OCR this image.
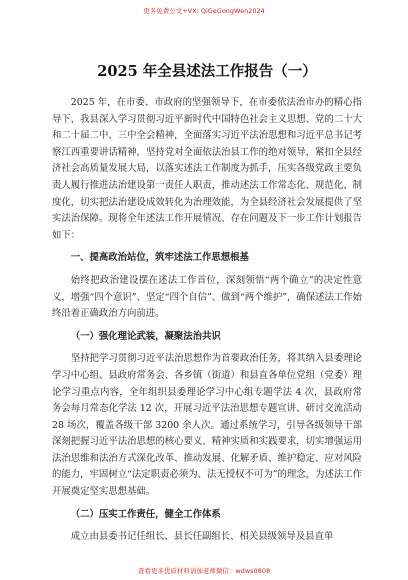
更多免费公文+VX: QiGeGongWen2024
2025 年全县述法工作报告（一）

2025 年，在市委、市政府的坚强领导下，在市委依法治市办的精心指导下，我县深入学习贯彻习近平新时代中国特色社会主义思想、党的二十大和二十届二中、三中全会精神，全面落实习近平法治思想和习近平总书记考察江西重要讲话精神，坚持党对全面依法治县工作的绝对领导，紧扣全县经济社会高质量发展大局，以落实述法工作制度为抓手，压实各级党政主要负责人履行推进法治建设第一责任人职责，推动述法工作常态化、规范化、制度化，切实把法治建设成效转化为治理效能，为全县经济社会发展提供了坚实法治保障。现将全年述法工作开展情况、存在问题及下一步工作计划报告如下：

一、提高政治站位，筑牢述法工作思想根基

始终把政治建设摆在述法工作首位，深刻领悟“两个确立”的决定性意义，增强“四个意识”、坚定“四个自信”、做到“两个维护”，确保述法工作始终沿着正确政治方向前进。

（一）强化理论武装，凝聚法治共识

坚持把学习贯彻习近平法治思想作为首要政治任务，将其纳入县委理论学习中心组、县政府常务会、各乡镇（街道）和县直各单位党组（党委）理论学习重点内容，全年组织县委理论学习中心组专题学法 4 次，县政府常务会每月常态化学法 12 次，开展习近平法治思想专题宣讲、研讨交流活动 28 场次，覆盖各级干部 3200 余人次。通过系统学习，引导各级领导干部深刻把握习近平法治思想的核心要义、精神实质和实践要求，切实增强运用法治思维和法治方式深化改革、推动发展、化解矛盾、维护稳定、应对风险的能力，牢固树立“法定职责必须为、法无授权不可为”的理念，为述法工作开展奠定坚实思想基础。

（二）压实工作责任，健全工作体系

成立由县委书记任组长、县长任副组长、相关县级领导及县直单

查看更多优质材料请加老师微信：wdws0808
